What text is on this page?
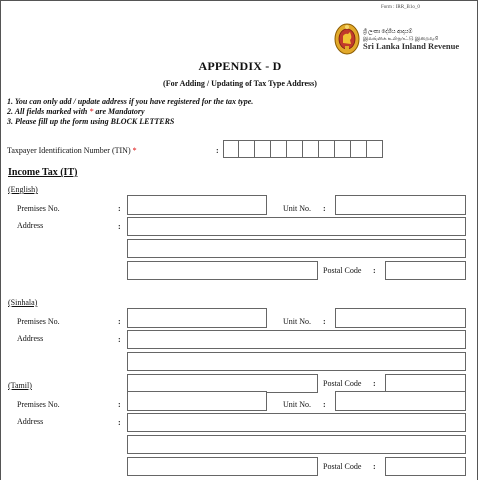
Form : IRR_B1o_0
ශ්‍රී ලංකා දේශීය ආදායම්
இலங்கை உள்நாட்டு இறைவரி
Sri Lanka Inland Revenue
APPENDIX - D
(For Adding / Updating of Tax Type Address)
1. You can only add / update address if you have registered for the tax type.
2. All fields marked with * are Mandatory
3. Please fill up the form using BLOCK LETTERS
Taxpayer Identification Number (TIN) *	:
Income Tax (IT)
(English)
Premises No.	:	Unit No. :
Address	:
Postal Code :
(Sinhala)
Premises No.	:	Unit No. :
Address	:
Postal Code :
(Tamil)
Premises No.	:	Unit No. :
Address	:
Postal Code :
